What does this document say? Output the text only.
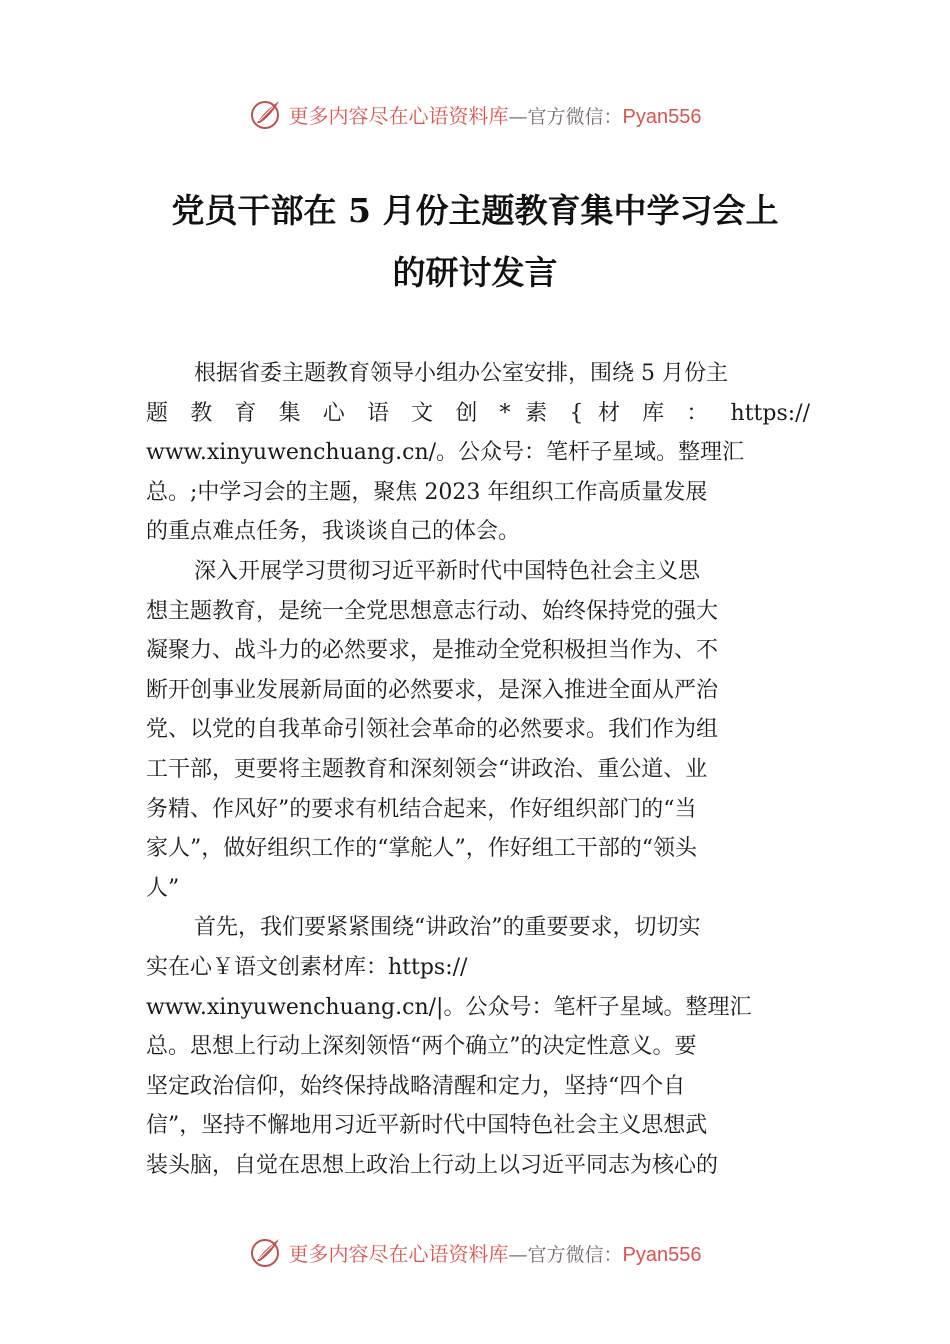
更多内容尽在心语资料库—官方微信：Pyan556
党员干部在 5 月份主题教育集中学习会上
的研讨发言
根据省委主题教育领导小组办公室安排，围绕 5 月份主
题 教 育 集 心 语 文 创 * 素 { 材 库 ： https://
www.xinyuwenchuang.cn/。公众号：笔杆子星域。整理汇
总。;中学习会的主题，聚焦 2023 年组织工作高质量发展
的重点难点任务，我谈谈自己的体会。
深入开展学习贯彻习近平新时代中国特色社会主义思
想主题教育，是统一全党思想意志行动、始终保持党的强大
凝聚力、战斗力的必然要求，是推动全党积极担当作为、不
断开创事业发展新局面的必然要求，是深入推进全面从严治
党、以党的自我革命引领社会革命的必然要求。我们作为组
工干部，更要将主题教育和深刻领会“讲政治、重公道、业
务精、作风好”的要求有机结合起来，作好组织部门的“当
家人”，做好组织工作的“掌舵人”，作好组工干部的“领头
人”
首先，我们要紧紧围绕“讲政治”的重要要求，切切实
实在心￥语文创素材库：https://
www.xinyuwenchuang.cn/|。公众号：笔杆子星域。整理汇
总。思想上行动上深刻领悟“两个确立”的决定性意义。要
坚定政治信仰，始终保持战略清醒和定力，坚持“四个自
信”，坚持不懈地用习近平新时代中国特色社会主义思想武
装头脑，自觉在思想上政治上行动上以习近平同志为核心的
更多内容尽在心语资料库—官方微信：Pyan556
